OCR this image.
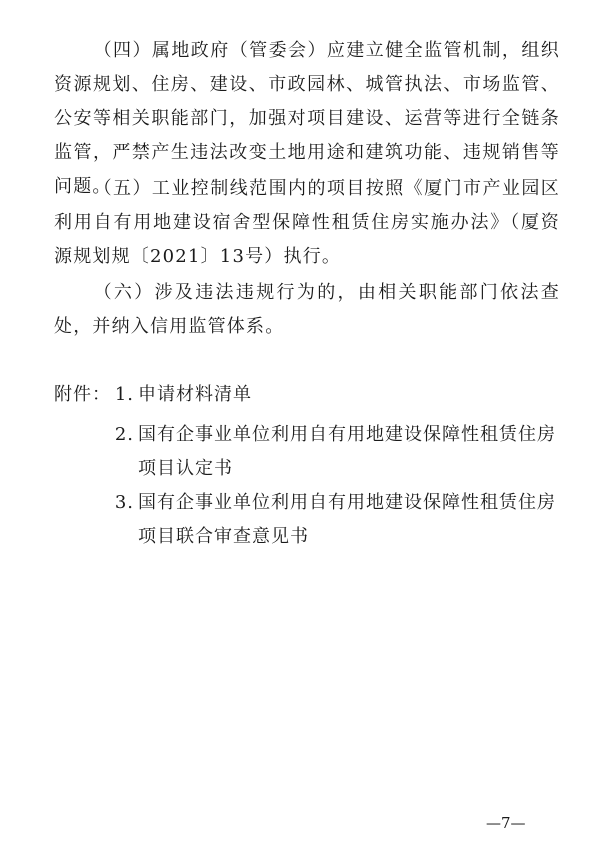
（四）属地政府（管委会）应建立健全监管机制，组织资源规划、住房、建设、市政园林、城管执法、市场监管、公安等相关职能部门，加强对项目建设、运营等进行全链条监管，严禁产生违法改变土地用途和建筑功能、违规销售等问题。

（五）工业控制线范围内的项目按照《厦门市产业园区利用自有用地建设宿舍型保障性租赁住房实施办法》（厦资源规划规〔2021〕13号）执行。

（六）涉及违法违规行为的，由相关职能部门依法查处，并纳入信用监管体系。

附件： 1. 申请材料清单
2. 国有企事业单位利用自有用地建设保障性租赁住房
项目认定书
3. 国有企事业单位利用自有用地建设保障性租赁住房
项目联合审查意见书
—7—
